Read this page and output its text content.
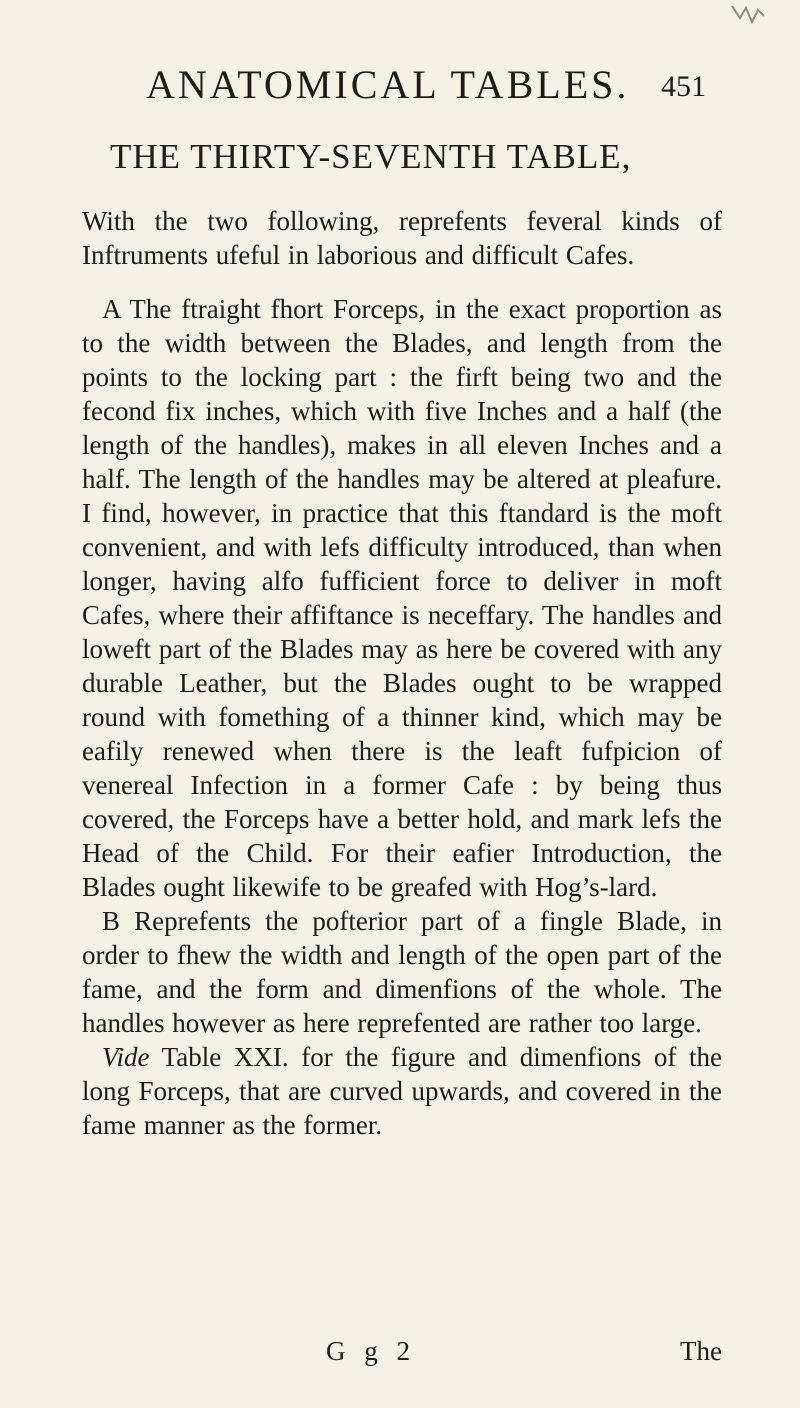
ANATOMICAL TABLES. 451
THE THIRTY-SEVENTH TABLE,

With the two following, reprefents feveral kinds of Inftruments ufeful in laborious and difficult Cafes.

A The ftraight fhort Forceps, in the exact proportion as to the width between the Blades, and length from the points to the locking part : the firft being two and the fecond fix inches, which with five Inches and a half (the length of the handles), makes in all eleven Inches and a half. The length of the handles may be altered at pleafure. I find, however, in practice that this ftandard is the moft convenient, and with lefs difficulty introduced, than when longer, having alfo fufficient force to deliver in moft Cafes, where their affiftance is neceffary. The handles and loweft part of the Blades may as here be covered with any durable Leather, but the Blades ought to be wrapped round with fomething of a thinner kind, which may be eafily renewed when there is the leaft fufpicion of venereal Infection in a former Cafe : by being thus covered, the Forceps have a better hold, and mark lefs the Head of the Child. For their eafier Introduction, the Blades ought likewife to be greafed with Hog’s-lard.

B Reprefents the pofterior part of a fingle Blade, in order to fhew the width and length of the open part of the fame, and the form and dimenfions of the whole. The handles however as here reprefented are rather too large.

Vide Table XXI. for the figure and dimenfions of the long Forceps, that are curved upwards, and covered in the fame manner as the former.

G g 2	The
